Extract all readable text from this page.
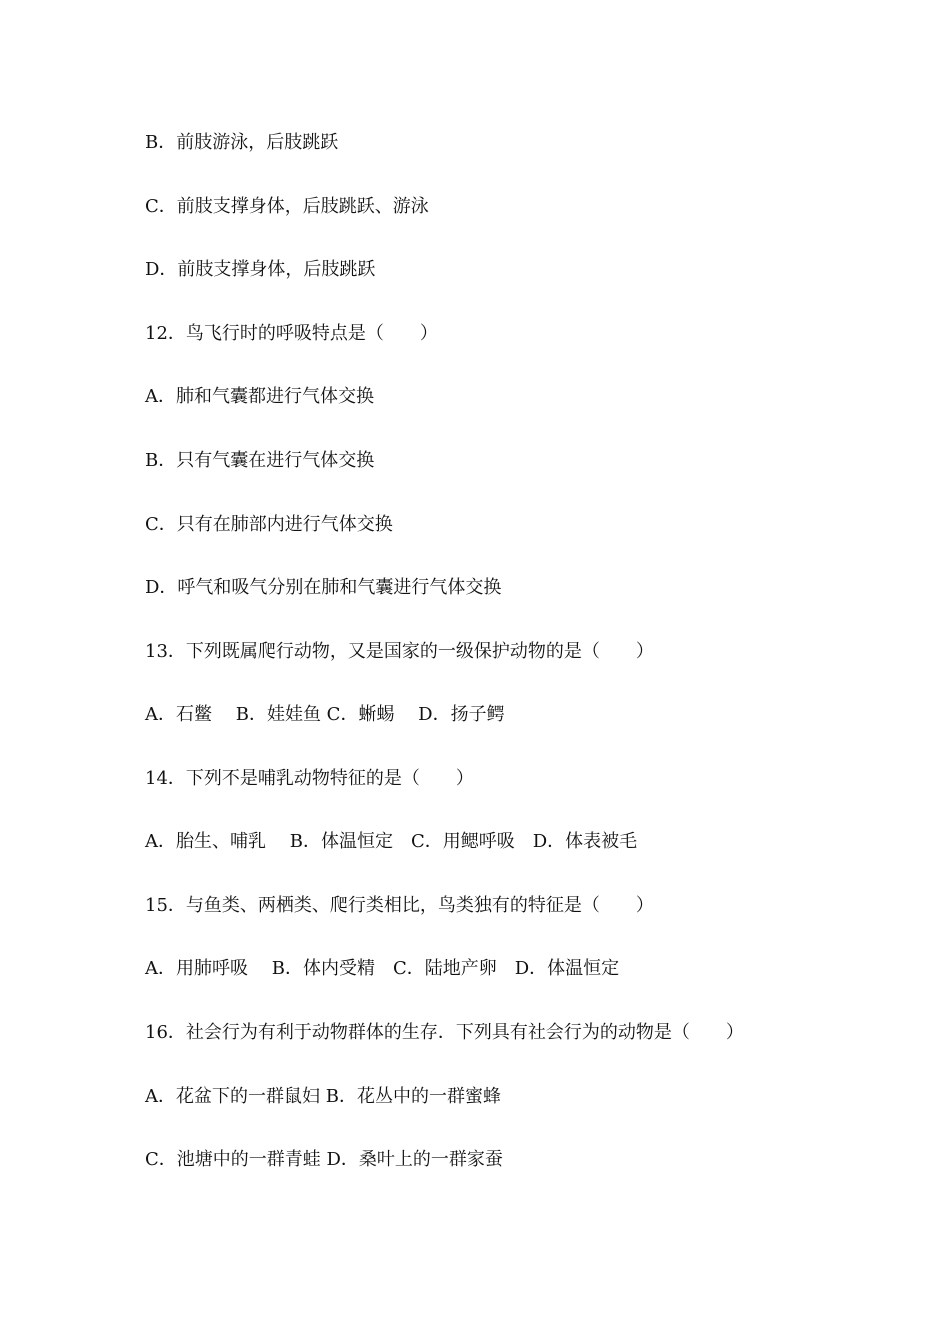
B．前肢游泳，后肢跳跃
C．前肢支撑身体，后肢跳跃、游泳
D．前肢支撑身体，后肢跳跃
12．鸟飞行时的呼吸特点是（　　）
A．肺和气囊都进行气体交换
B．只有气囊在进行气体交换
C．只有在肺部内进行气体交换
D．呼气和吸气分别在肺和气囊进行气体交换
13．下列既属爬行动物，又是国家的一级保护动物的是（　　）
A．石鳖　 B．娃娃鱼 C．蜥蜴　 D．扬子鳄
14．下列不是哺乳动物特征的是（　　）
A．胎生、哺乳　 B．体温恒定　C．用鳃呼吸　D．体表被毛
15．与鱼类、两栖类、爬行类相比，鸟类独有的特征是（　　）
A．用肺呼吸　 B．体内受精　C．陆地产卵　D．体温恒定
16．社会行为有利于动物群体的生存．下列具有社会行为的动物是（　　）
A．花盆下的一群鼠妇 B．花丛中的一群蜜蜂
C．池塘中的一群青蛙 D．桑叶上的一群家蚕
